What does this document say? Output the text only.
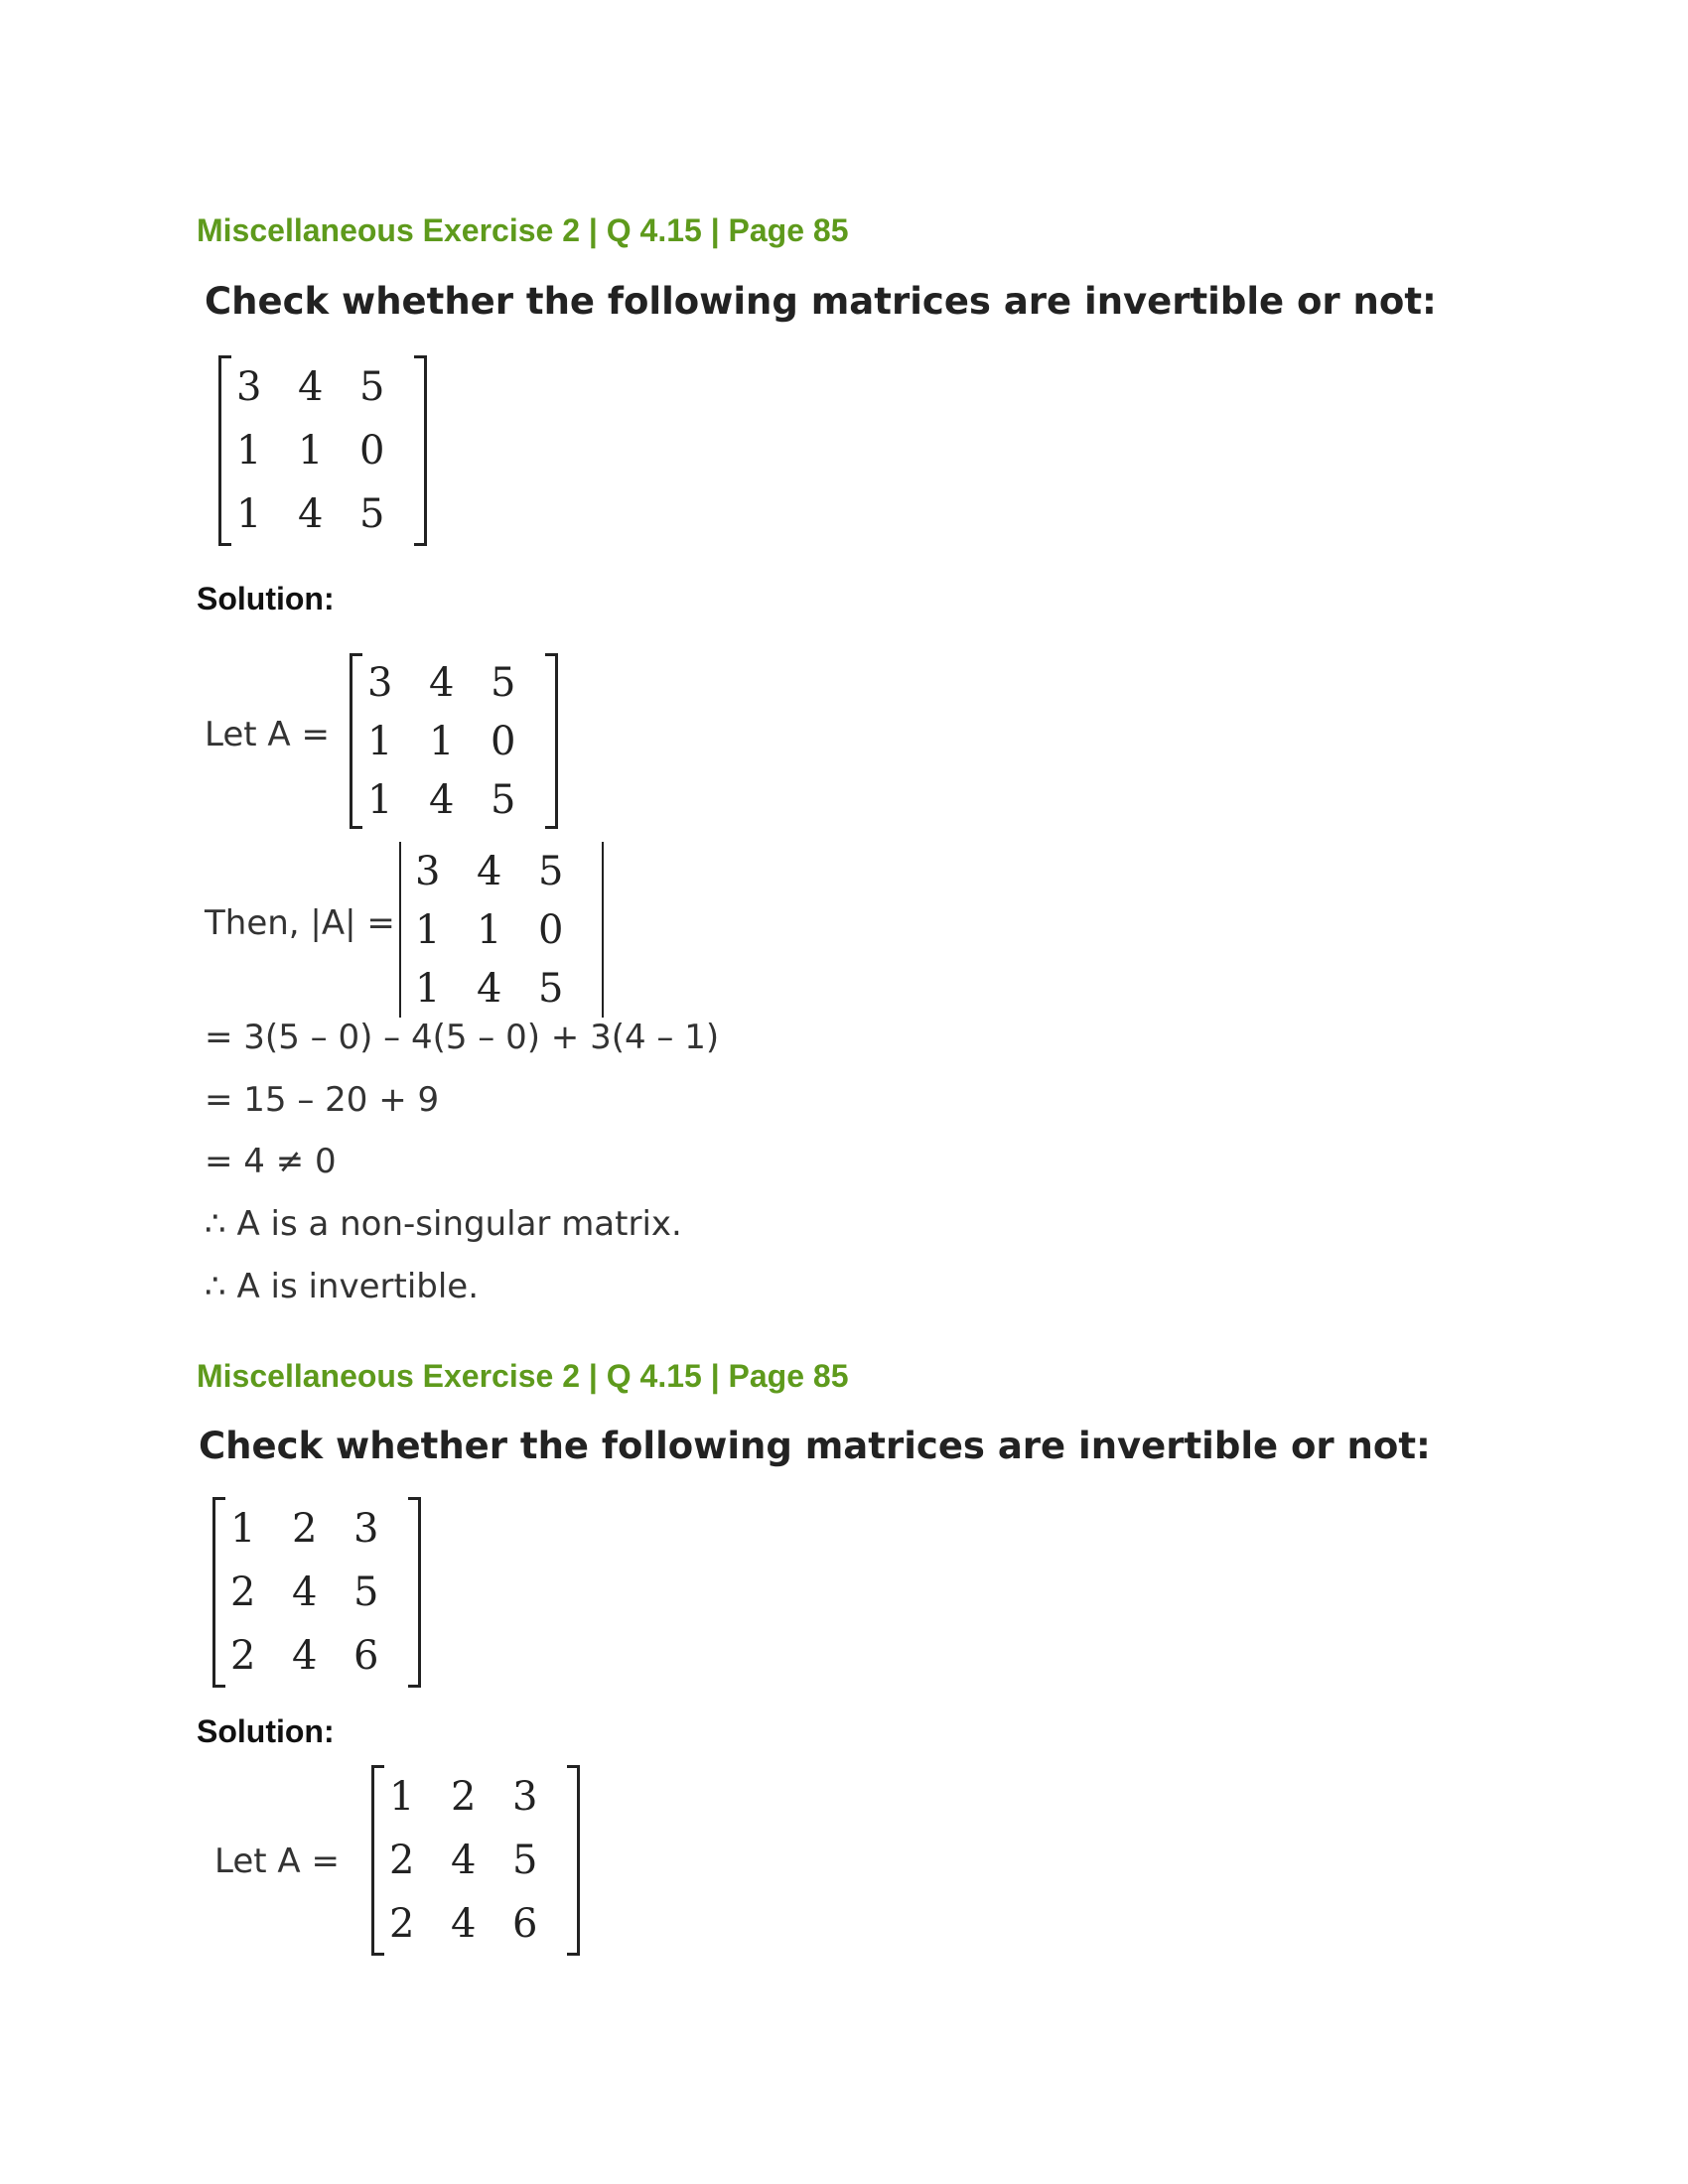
Miscellaneous Exercise 2 | Q 4.15 | Page 85
Check whether the following matrices are invertible or not:
3 4 5
1 1 0
1 4 5
Solution:
Let A =
3 4 5
1 1 0
1 4 5
Then, |A| =
3 4 5
1 1 0
1 4 5
= 3(5 – 0) – 4(5 – 0) + 3(4 – 1)
= 15 – 20 + 9
= 4 ≠ 0
∴ A is a non-singular matrix.
∴ A is invertible.
Miscellaneous Exercise 2 | Q 4.15 | Page 85
Check whether the following matrices are invertible or not:
1 2 3
2 4 5
2 4 6
Solution:
Let A =
1 2 3
2 4 5
2 4 6
